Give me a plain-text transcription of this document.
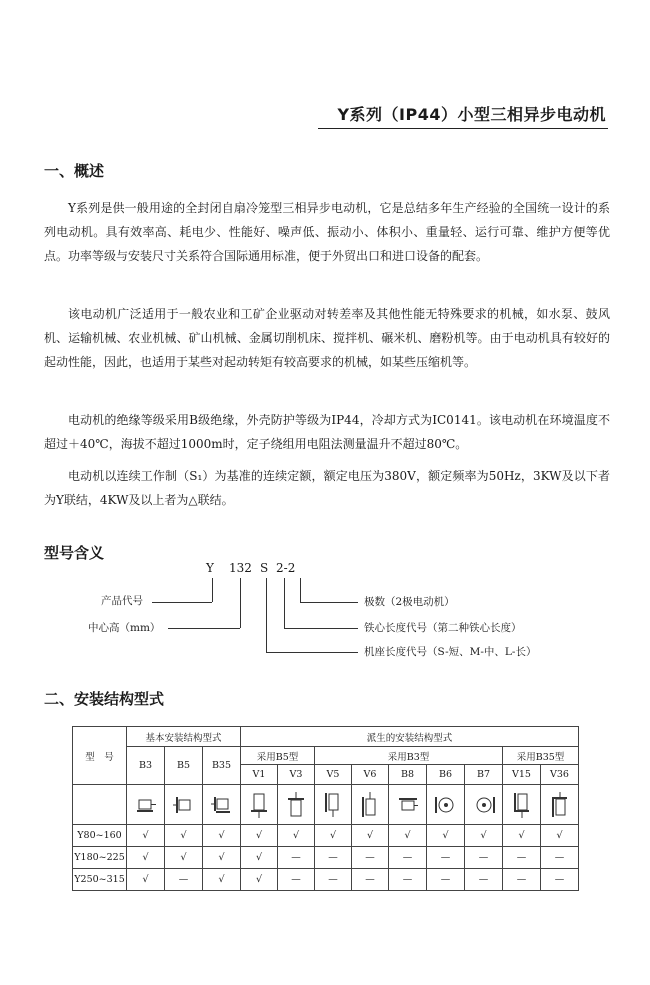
Y系列（IP44）小型三相异步电动机
一、概述

Y系列是供一般用途的全封闭自扇冷笼型三相异步电动机，它是总结多年生产经验的全国统一设计的系列电动机。具有效率高、耗电少、性能好、噪声低、振动小、体积小、重量轻、运行可靠、维护方便等优点。功率等级与安装尺寸关系符合国际通用标准，便于外贸出口和进口设备的配套。

该电动机广泛适用于一般农业和工矿企业驱动对转差率及其他性能无特殊要求的机械，如水泵、鼓风机、运输机械、农业机械、矿山机械、金属切削机床、搅拌机、碾米机、磨粉机等。由于电动机具有较好的起动性能，因此，也适用于某些对起动转矩有较高要求的机械，如某些压缩机等。

电动机的绝缘等级采用B级绝缘，外壳防护等级为IP44，冷却方式为IC0141。该电动机在环境温度不超过＋40℃，海拔不超过1000m时，定子绕组用电阻法测量温升不超过80℃。

电动机以连续工作制（S₁）为基准的连续定额，额定电压为380V，额定频率为50Hz，3KW及以下者为Y联结，4KW及以上者为△联结。

型号含义
Y 132 S 2-2
产品代号
中心高（mm）
极数（2极电动机）
铁心长度代号（第二种铁心长度）
机座长度代号（S-短、M-中、L-长）
二、安装结构型式
型　号	基本安装结构型式			派生的安装结构型式								
	B3	B5	B35	采用B5型		采用B3型					采用B35型	
				V1	V3	V5	V6	B8	B6	B7	V15	V36

Y80~160	√	√	√	√	√	√	√	√	√	√	√	√
Y180~225	√	√	√	√	—	—	—	—	—	—	—	—
Y250~315	√	—	√	√	—	—	—	—	—	—	—	—
